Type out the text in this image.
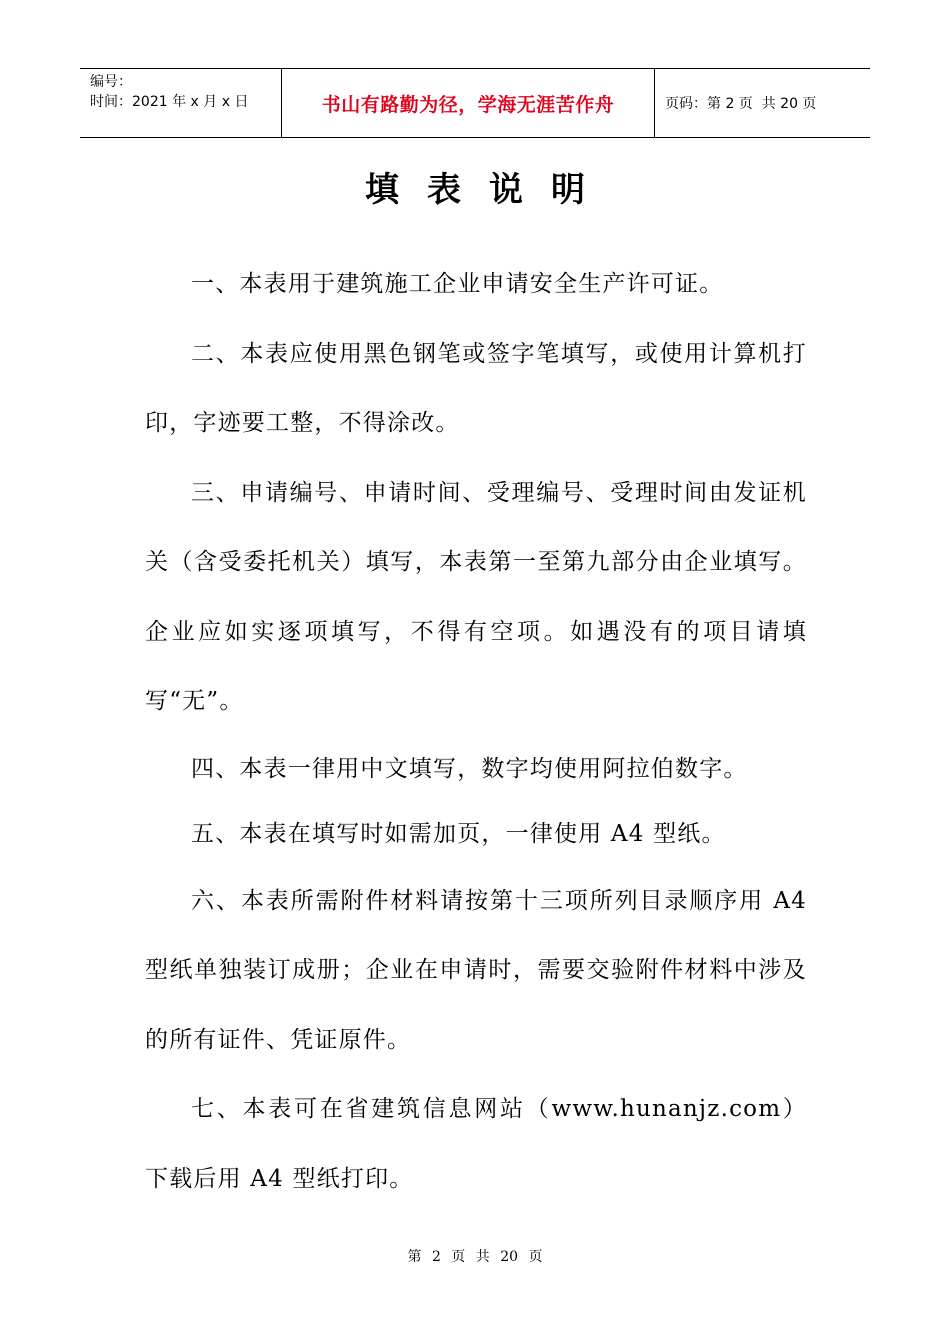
编号：
时间：2021 年 x 月 x 日	书山有路勤为径，学海无涯苦作舟	页码：第 2 页  共 20 页
填表说明

一、本表用于建筑施工企业申请安全生产许可证。

二、本表应使用黑色钢笔或签字笔填写，或使用计算机打印，字迹要工整，不得涂改。

三、申请编号、申请时间、受理编号、受理时间由发证机关（含受委托机关）填写，本表第一至第九部分由企业填写。企业应如实逐项填写，不得有空项。如遇没有的项目请填写“无”。

四、本表一律用中文填写，数字均使用阿拉伯数字。

五、本表在填写时如需加页，一律使用 A4 型纸。

六、本表所需附件材料请按第十三项所列目录顺序用 A4 型纸单独装订成册；企业在申请时，需要交验附件材料中涉及的所有证件、凭证原件。

七、本表可在省建筑信息网站（www.hunanjz.com）下载后用 A4 型纸打印。

第 2 页 共 20 页
